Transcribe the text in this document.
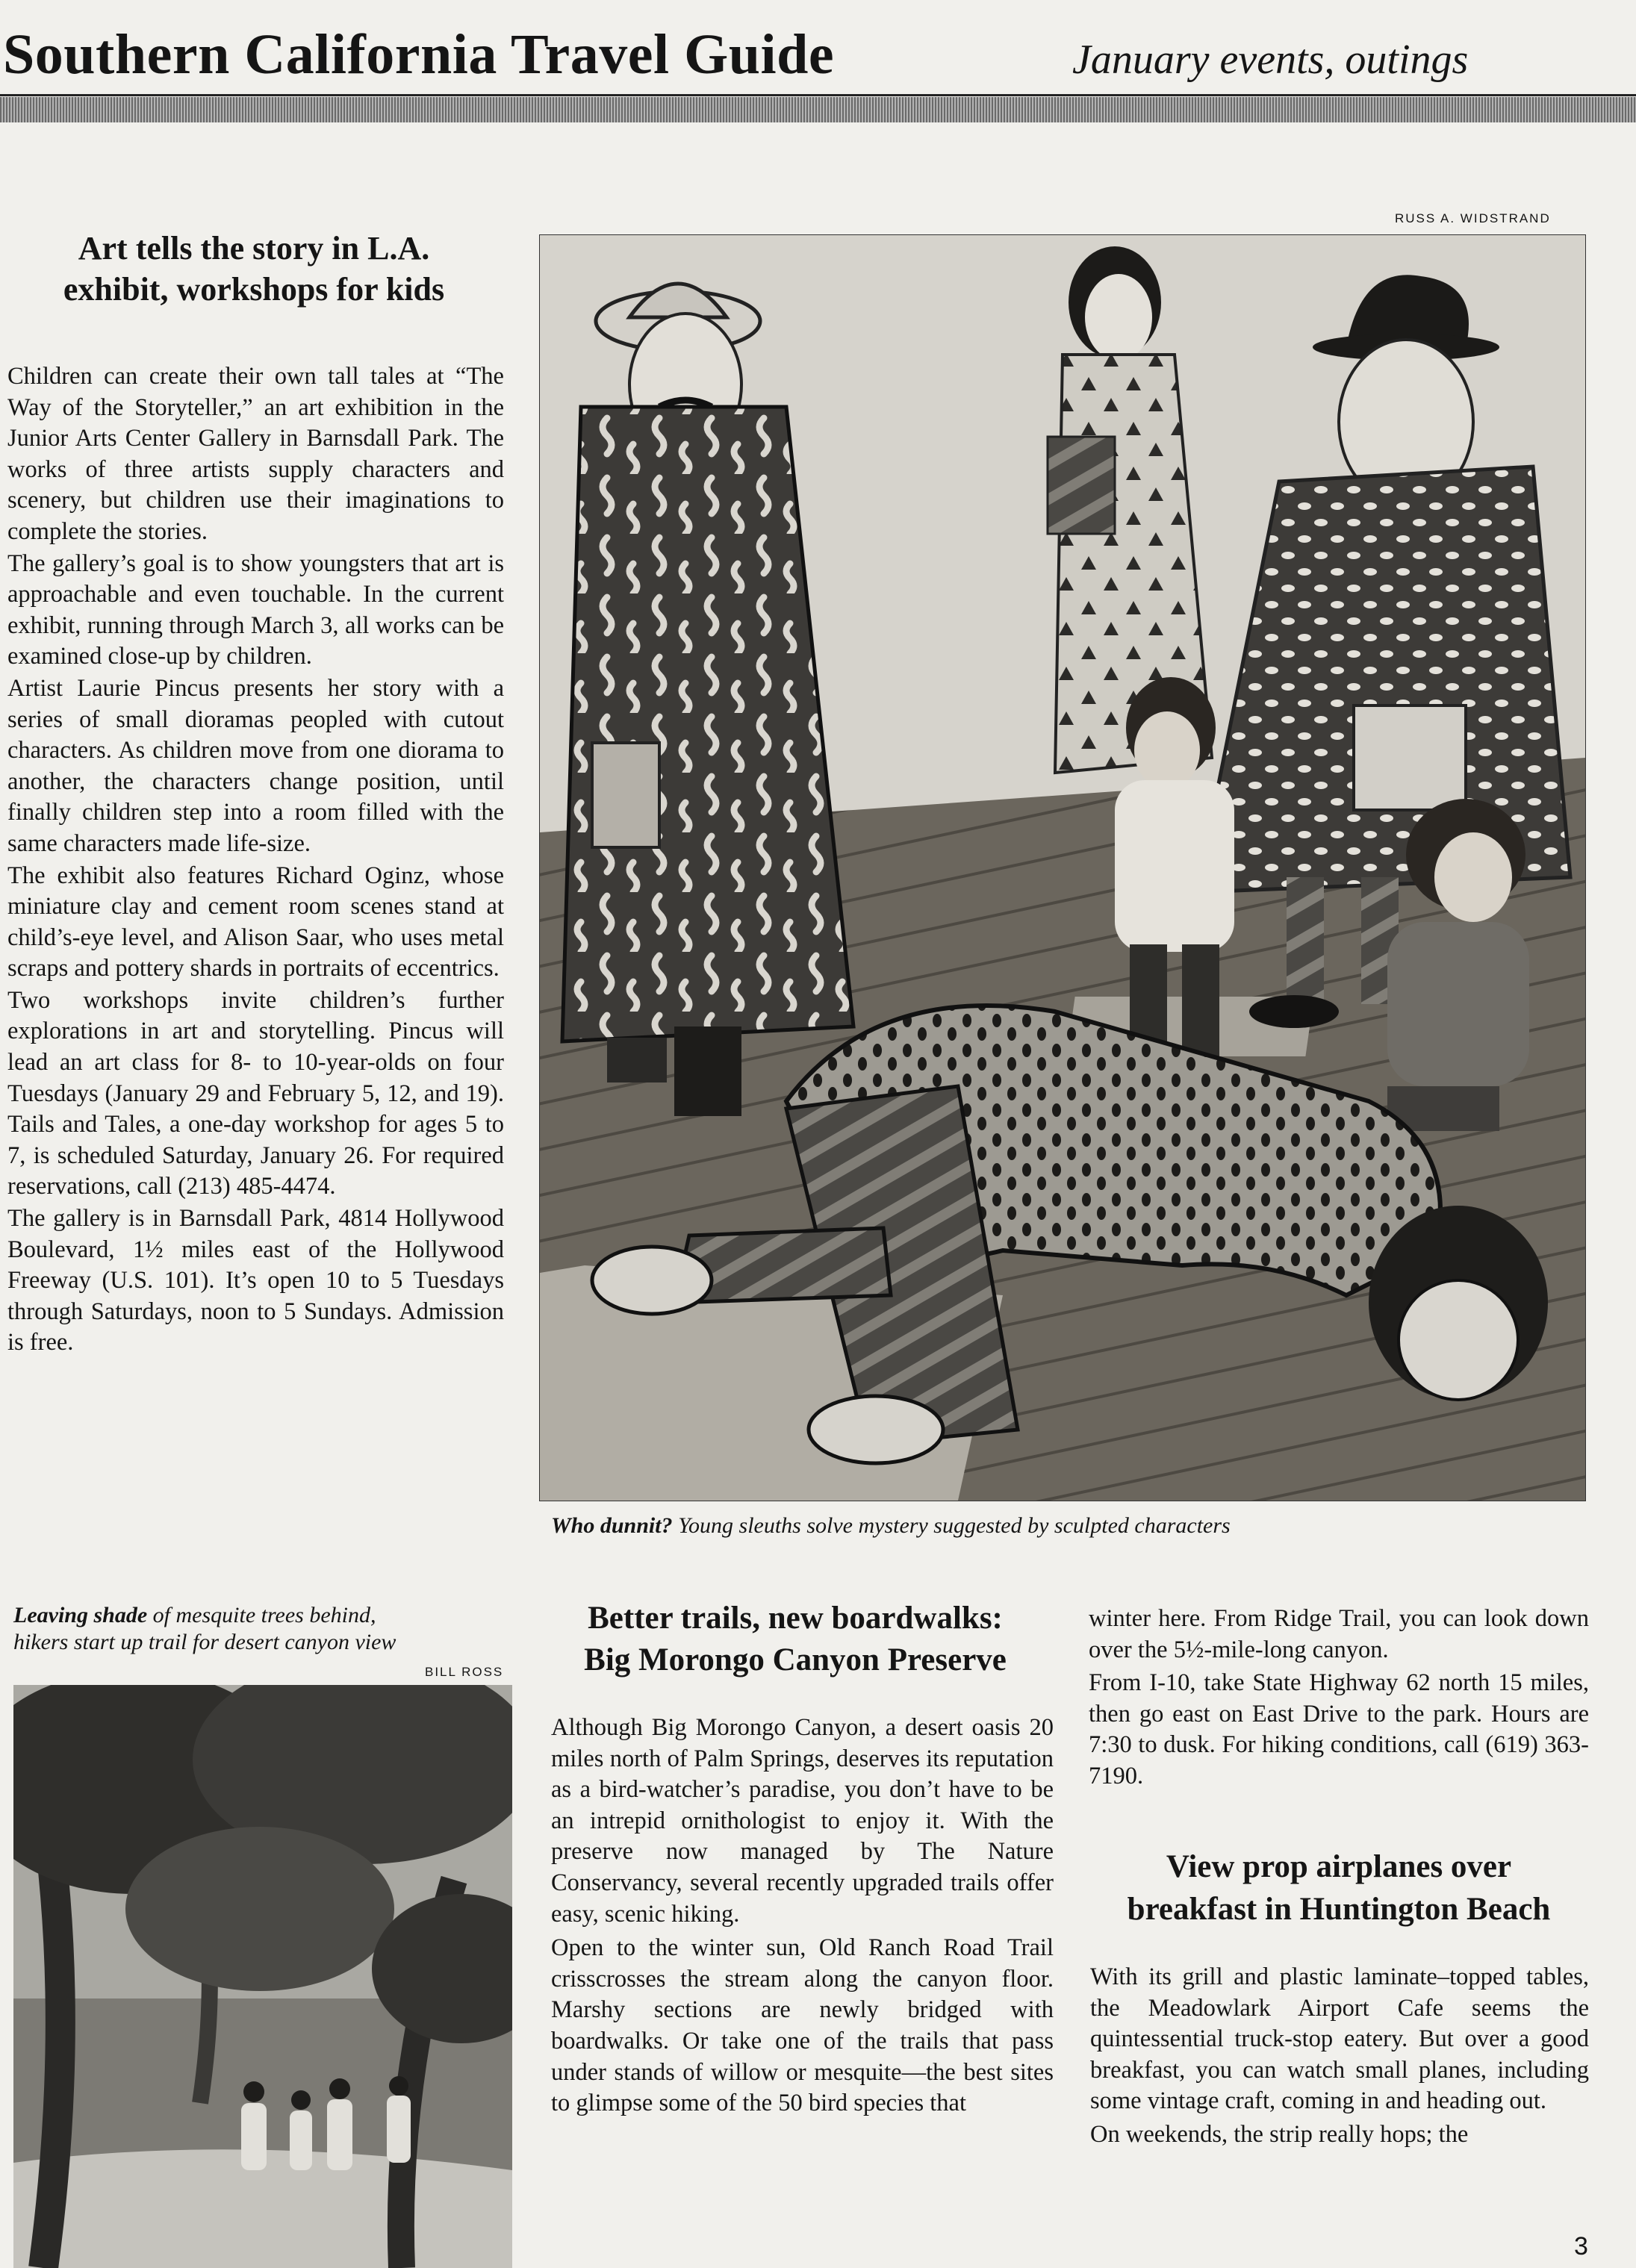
Southern California Travel Guide	January events, outings
Art tells the story in L.A.
exhibit, workshops for kids

Children can create their own tall tales at “The Way of the Storyteller,” an art exhibition in the Junior Arts Center Gallery in Barnsdall Park. The works of three artists supply characters and scenery, but children use their imaginations to complete the stories.

The gallery’s goal is to show youngsters that art is approachable and even touchable. In the current exhibit, running through March 3, all works can be examined close-up by children.

Artist Laurie Pincus presents her story with a series of small dioramas peopled with cutout characters. As children move from one diorama to another, the characters change position, until finally children step into a room filled with the same characters made life-size.

The exhibit also features Richard Oginz, whose miniature clay and cement room scenes stand at child’s-eye level, and Alison Saar, who uses metal scraps and pottery shards in portraits of eccentrics.

Two workshops invite children’s further explorations in art and storytelling. Pincus will lead an art class for 8- to 10-year-olds on four Tuesdays (January 29 and February 5, 12, and 19). Tails and Tales, a one-day workshop for ages 5 to 7, is scheduled Saturday, January 26. For required reservations, call (213) 485-4474.

The gallery is in Barnsdall Park, 4814 Hollywood Boulevard, 1½ miles east of the Hollywood Freeway (U.S. 101). It’s open 10 to 5 Tuesdays through Saturdays, noon to 5 Sundays. Admission is free.

RUSS A. WIDSTRAND
Who dunnit? Young sleuths solve mystery suggested by sculpted characters
Leaving shade of mesquite trees behind,
hikers start up trail for desert canyon view
BILL ROSS
Better trails, new boardwalks:
Big Morongo Canyon Preserve

Although Big Morongo Canyon, a desert oasis 20 miles north of Palm Springs, deserves its reputation as a bird-watcher’s paradise, you don’t have to be an intrepid ornithologist to enjoy it. With the preserve now managed by The Nature Conservancy, several recently upgraded trails offer easy, scenic hiking.

Open to the winter sun, Old Ranch Road Trail crisscrosses the stream along the canyon floor. Marshy sections are newly bridged with boardwalks. Or take one of the trails that pass under stands of willow or mesquite—the best sites to glimpse some of the 50 bird species that

winter here. From Ridge Trail, you can look down over the 5½-mile-long canyon.

From I-10, take State Highway 62 north 15 miles, then go east on East Drive to the park. Hours are 7:30 to dusk. For hiking conditions, call (619) 363-7190.

View prop airplanes over
breakfast in Huntington Beach

With its grill and plastic laminate–topped tables, the Meadowlark Airport Cafe seems the quintessential truck-stop eatery. But over a good breakfast, you can watch small planes, including some vintage craft, coming in and heading out.

On weekends, the strip really hops; the

3
